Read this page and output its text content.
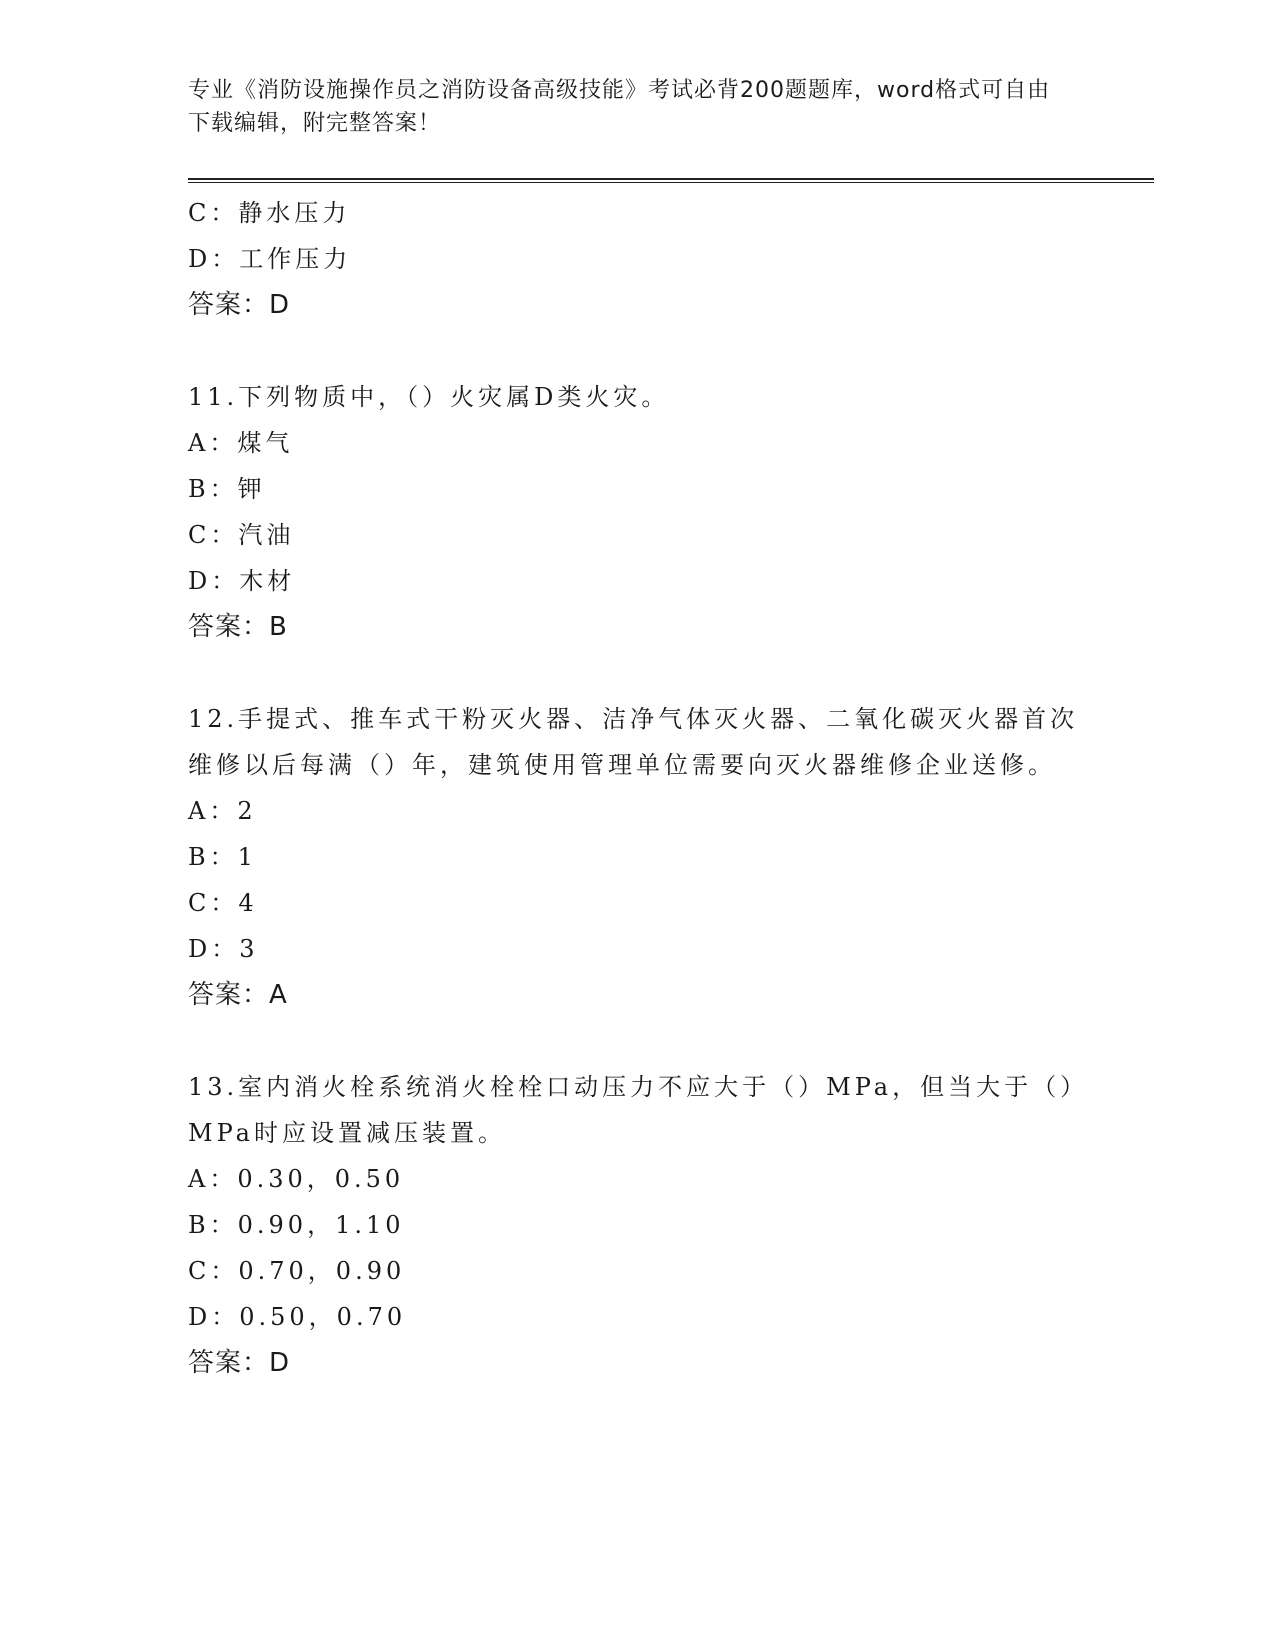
专业《消防设施操作员之消防设备高级技能》考试必背200题题库，word格式可自由下载编辑，附完整答案！
C：静水压力
D：工作压力
答案：D
11.下列物质中，（）火灾属D类火灾。
A：煤气
B：钾
C：汽油
D：木材
答案：B
12.手提式、推车式干粉灭火器、洁净气体灭火器、二氧化碳灭火器首次维修以后每满（）年，建筑使用管理单位需要向灭火器维修企业送修。
A：2
B：1
C：4
D：3
答案：A
13.室内消火栓系统消火栓栓口动压力不应大于（）MPa，但当大于（）MPa时应设置减压装置。
A：0.30，0.50
B：0.90，1.10
C：0.70，0.90
D：0.50，0.70
答案：D
